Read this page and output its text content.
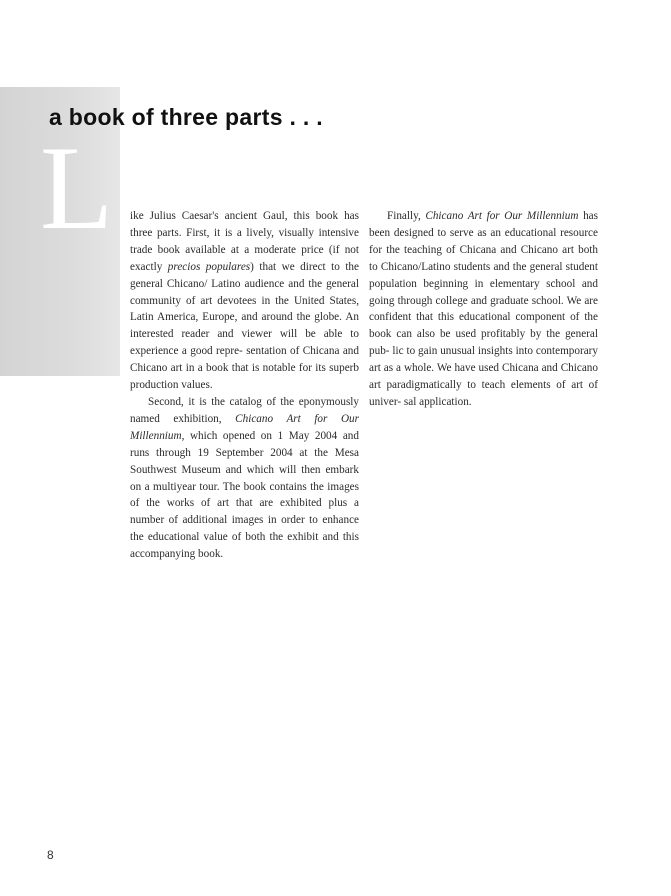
a book of three parts . . .
L ike Julius Caesar's ancient Gaul, this book has three parts. First, it is a lively, visually intensive trade book available at a moderate price (if not exactly precios populares) that we direct to the general Chicano/ Latino audience and the general community of art devotees in the United States, Latin America, Europe, and around the globe. An interested reader and viewer will be able to experience a good repre- sentation of Chicana and Chicano art in a book that is notable for its superb production values.

Second, it is the catalog of the eponymously named exhibition, Chicano Art for Our Millennium, which opened on 1 May 2004 and runs through 19 September 2004 at the Mesa Southwest Museum and which will then embark on a multiyear tour. The book contains the images of the works of art that are exhibited plus a number of additional images in order to enhance the educational value of both the exhibit and this accompanying book.

Finally, Chicano Art for Our Millennium has been designed to serve as an educational resource for the teaching of Chicana and Chicano art both to Chicano/Latino students and the general student population beginning in elementary school and going through college and graduate school. We are confident that this educational component of the book can also be used profitably by the general pub- lic to gain unusual insights into contemporary art as a whole. We have used Chicana and Chicano art paradigmatically to teach elements of art of univer- sal application.

8
